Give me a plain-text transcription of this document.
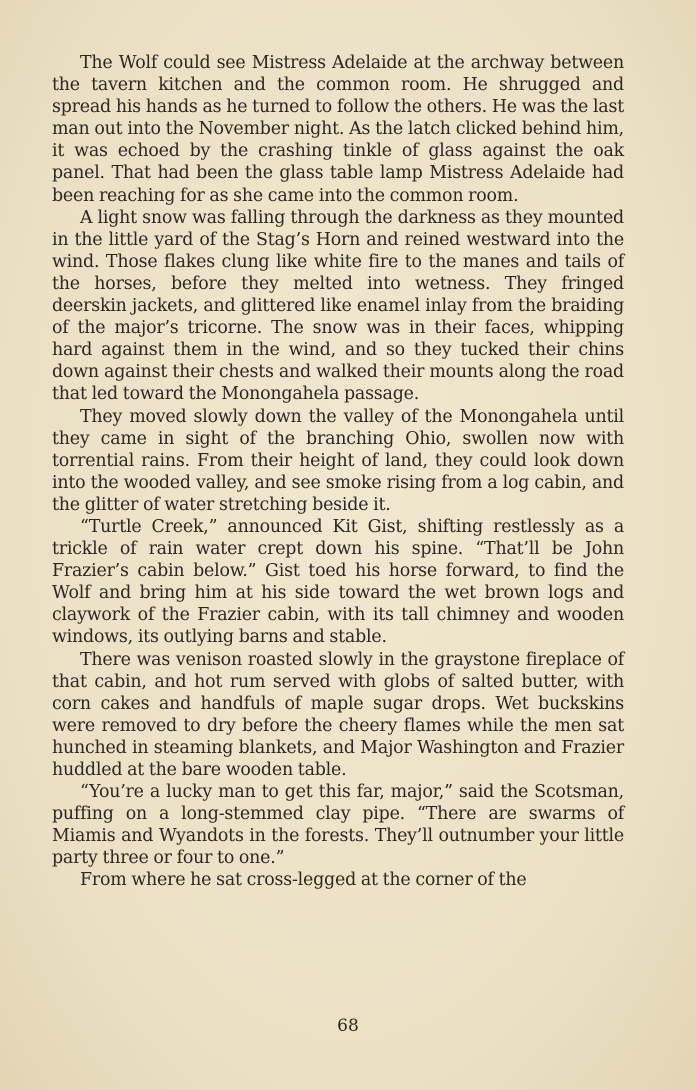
The Wolf could see Mistress Adelaide at the archway between the tavern kitchen and the common room. He shrugged and spread his hands as he turned to follow the others. He was the last man out into the November night. As the latch clicked behind him, it was echoed by the crashing tinkle of glass against the oak panel. That had been the glass table lamp Mistress Adelaide had been reaching for as she came into the common room.

A light snow was falling through the darkness as they mounted in the little yard of the Stag’s Horn and reined westward into the wind. Those flakes clung like white fire to the manes and tails of the horses, before they melted into wetness. They fringed deerskin jackets, and glittered like enamel inlay from the braiding of the major’s tricorne. The snow was in their faces, whipping hard against them in the wind, and so they tucked their chins down against their chests and walked their mounts along the road that led toward the Monongahela passage.

They moved slowly down the valley of the Monongahela until they came in sight of the branching Ohio, swollen now with torrential rains. From their height of land, they could look down into the wooded valley, and see smoke rising from a log cabin, and the glitter of water stretching beside it.

“Turtle Creek,” announced Kit Gist, shifting restlessly as a trickle of rain water crept down his spine. “That’ll be John Frazier’s cabin below.” Gist toed his horse forward, to find the Wolf and bring him at his side toward the wet brown logs and claywork of the Frazier cabin, with its tall chimney and wooden windows, its outlying barns and stable.

There was venison roasted slowly in the graystone fireplace of that cabin, and hot rum served with globs of salted butter, with corn cakes and handfuls of maple sugar drops. Wet buckskins were removed to dry before the cheery flames while the men sat hunched in steaming blankets, and Major Washington and Frazier huddled at the bare wooden table.

“You’re a lucky man to get this far, major,” said the Scotsman, puffing on a long-stemmed clay pipe. “There are swarms of Miamis and Wyandots in the forests. They’ll outnumber your little party three or four to one.”

From where he sat cross-legged at the corner of the

68
